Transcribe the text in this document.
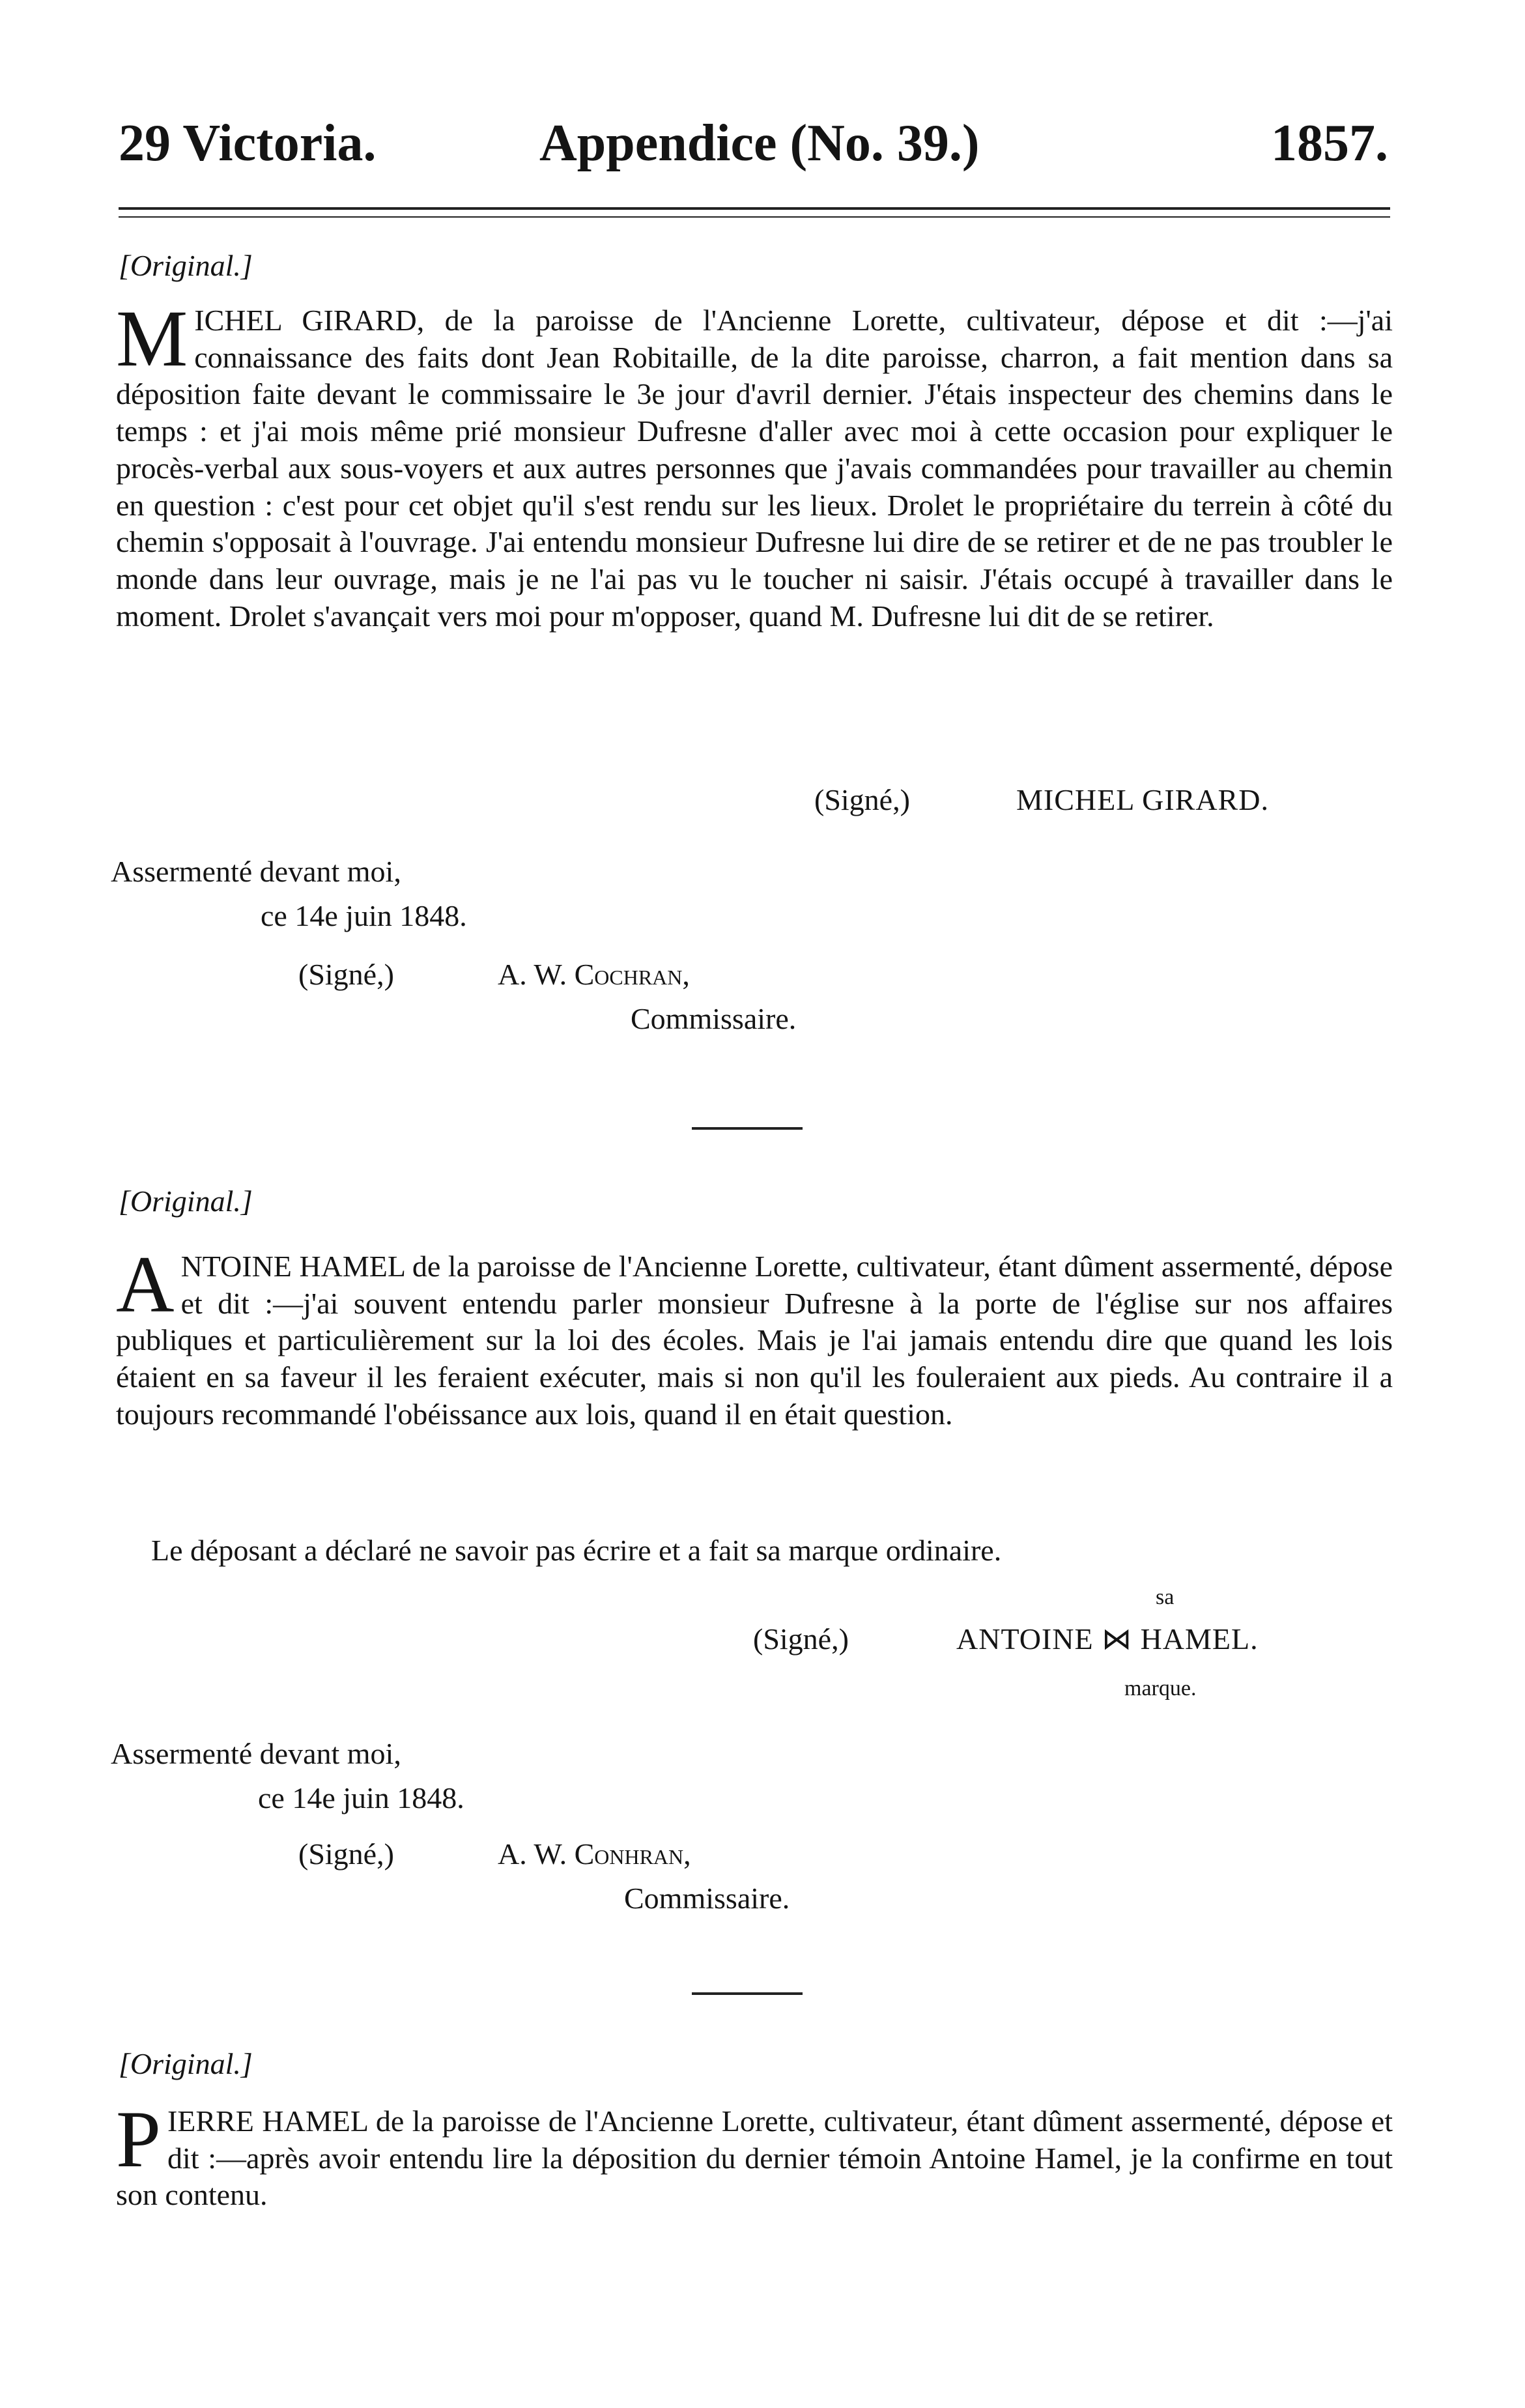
29 Victoria.	Appendice (No. 39.)	1857.
[Original.]

MICHEL GIRARD, de la paroisse de l'Ancienne Lorette, cultivateur, dépose et dit :—j'ai connaissance des faits dont Jean Robitaille, de la dite paroisse, charron, a fait mention dans sa déposition faite devant le commissaire le 3e jour d'avril dernier. J'étais inspecteur des chemins dans le temps : et j'ai mois même prié monsieur Dufresne d'aller avec moi à cette occasion pour expliquer le procès-verbal aux sous-voyers et aux autres personnes que j'avais commandées pour travailler au chemin en question : c'est pour cet objet qu'il s'est rendu sur les lieux. Drolet le propriétaire du terrein à côté du chemin s'opposait à l'ouvrage. J'ai entendu monsieur Dufresne lui dire de se retirer et de ne pas troubler le monde dans leur ouvrage, mais je ne l'ai pas vu le toucher ni saisir. J'étais occupé à travailler dans le moment. Drolet s'avançait vers moi pour m'opposer, quand M. Dufresne lui dit de se retirer.

(Signé,)	MICHEL GIRARD.
Assermenté devant moi,
ce 14e juin 1848.
(Signé,)	A. W. Cochran,
Commissaire.
[Original.]

ANTOINE HAMEL de la paroisse de l'Ancienne Lorette, cultivateur, étant dûment assermenté, dépose et dit :—j'ai souvent entendu parler monsieur Dufresne à la porte de l'église sur nos affaires publiques et particulièrement sur la loi des écoles. Mais je l'ai jamais entendu dire que quand les lois étaient en sa faveur il les feraient exécuter, mais si non qu'il les fouleraient aux pieds. Au contraire il a toujours recommandé l'obéissance aux lois, quand il en était question.

Le déposant a déclaré ne savoir pas écrire et a fait sa marque ordinaire.
sa
(Signé,)	ANTOINE ⋈ HAMEL.
marque.
Assermenté devant moi,
ce 14e juin 1848.
(Signé,)	A. W. Conhran,
Commissaire.
[Original.]

PIERRE HAMEL de la paroisse de l'Ancienne Lorette, cultivateur, étant dûment assermenté, dépose et dit :—après avoir entendu lire la déposition du dernier témoin Antoine Hamel, je la confirme en tout son contenu.
